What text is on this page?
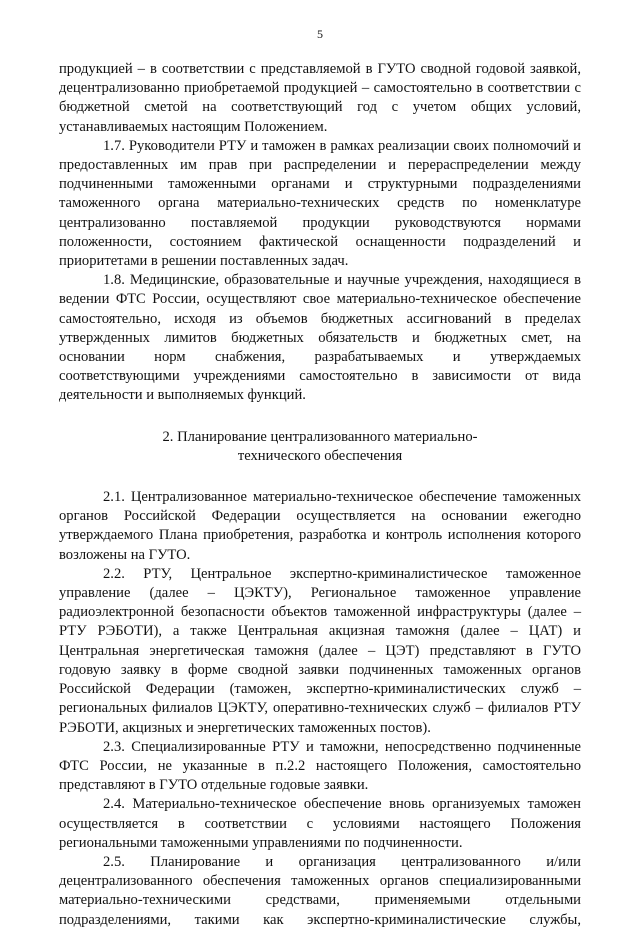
5

продукцией – в соответствии с представляемой в ГУТО сводной годовой заявкой,
децентрализованно приобретаемой продукцией – самостоятельно в соответствии с
бюджетной сметой на соответствующий год с учетом общих условий,
устанавливаемых настоящим Положением.

1.7. Руководители РТУ и таможен в рамках реализации своих полномочий и
предоставленных им прав при распределении и перераспределении между
подчиненными таможенными органами и структурными подразделениями
таможенного органа материально-технических средств по номенклатуре
централизованно поставляемой продукции руководствуются нормами
положенности, состоянием фактической оснащенности подразделений и
приоритетами в решении поставленных задач.

1.8. Медицинские, образовательные и научные учреждения, находящиеся в
ведении ФТС России, осуществляют свое материально-техническое обеспечение
самостоятельно, исходя из объемов бюджетных ассигнований в пределах
утвержденных лимитов бюджетных обязательств и бюджетных смет, на
основании норм снабжения, разрабатываемых и утверждаемых
соответствующими учреждениями самостоятельно в зависимости от вида
деятельности и выполняемых функций.

2. Планирование централизованного материально-
технического обеспечения

2.1. Централизованное материально-техническое обеспечение таможенных
органов Российской Федерации осуществляется на основании ежегодно
утверждаемого Плана приобретения, разработка и контроль исполнения которого
возложены на ГУТО.

2.2. РТУ, Центральное экспертно-криминалистическое таможенное
управление (далее – ЦЭКТУ), Региональное таможенное управление
радиоэлектронной безопасности объектов таможенной инфраструктуры (далее –
РТУ РЭБОТИ), а также Центральная акцизная таможня (далее – ЦАТ) и
Центральная энергетическая таможня (далее – ЦЭТ) представляют в ГУТО
годовую заявку в форме сводной заявки подчиненных таможенных органов
Российской Федерации (таможен, экспертно-криминалистических служб –
региональных филиалов ЦЭКТУ, оперативно-технических служб – филиалов РТУ
РЭБОТИ, акцизных и энергетических таможенных постов).

2.3. Специализированные РТУ и таможни, непосредственно подчиненные
ФТС России, не указанные в п.2.2 настоящего Положения, самостоятельно
представляют в ГУТО отдельные годовые заявки.

2.4. Материально-техническое обеспечение вновь организуемых таможен
осуществляется в соответствии с условиями настоящего Положения
региональными таможенными управлениями по подчиненности.

2.5. Планирование и организация централизованного и/или
децентрализованного обеспечения таможенных органов специализированными
материально-техническими средствами, применяемыми отдельными
подразделениями, такими как экспертно-криминалистические службы,
